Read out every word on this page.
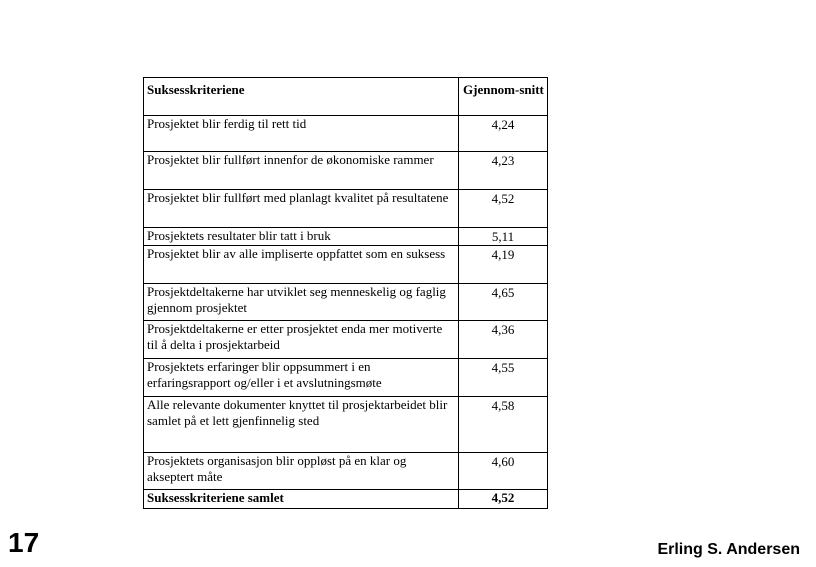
Suksesskriteriene	Gjennom-snitt
Prosjektet blir ferdig til rett tid	4,24
Prosjektet blir fullført innenfor de økonomiske rammer	4,23
Prosjektet blir fullført med planlagt kvalitet på resultatene	4,52
Prosjektets resultater blir tatt i bruk	5,11
Prosjektet blir av alle impliserte oppfattet som en suksess	4,19
Prosjektdeltakerne har utviklet seg menneskelig og faglig gjennom prosjektet	4,65
Prosjektdeltakerne er etter prosjektet enda mer motiverte til å delta i prosjektarbeid	4,36
Prosjektets erfaringer blir oppsummert i en erfaringsrapport og/eller i et avslutningsmøte	4,55
Alle relevante dokumenter knyttet til prosjektarbeidet blir samlet på et lett gjenfinnelig sted	4,58
Prosjektets organisasjon blir oppløst på en klar og akseptert måte	4,60
Suksesskriteriene samlet	4,52
17	Erling S. Andersen
